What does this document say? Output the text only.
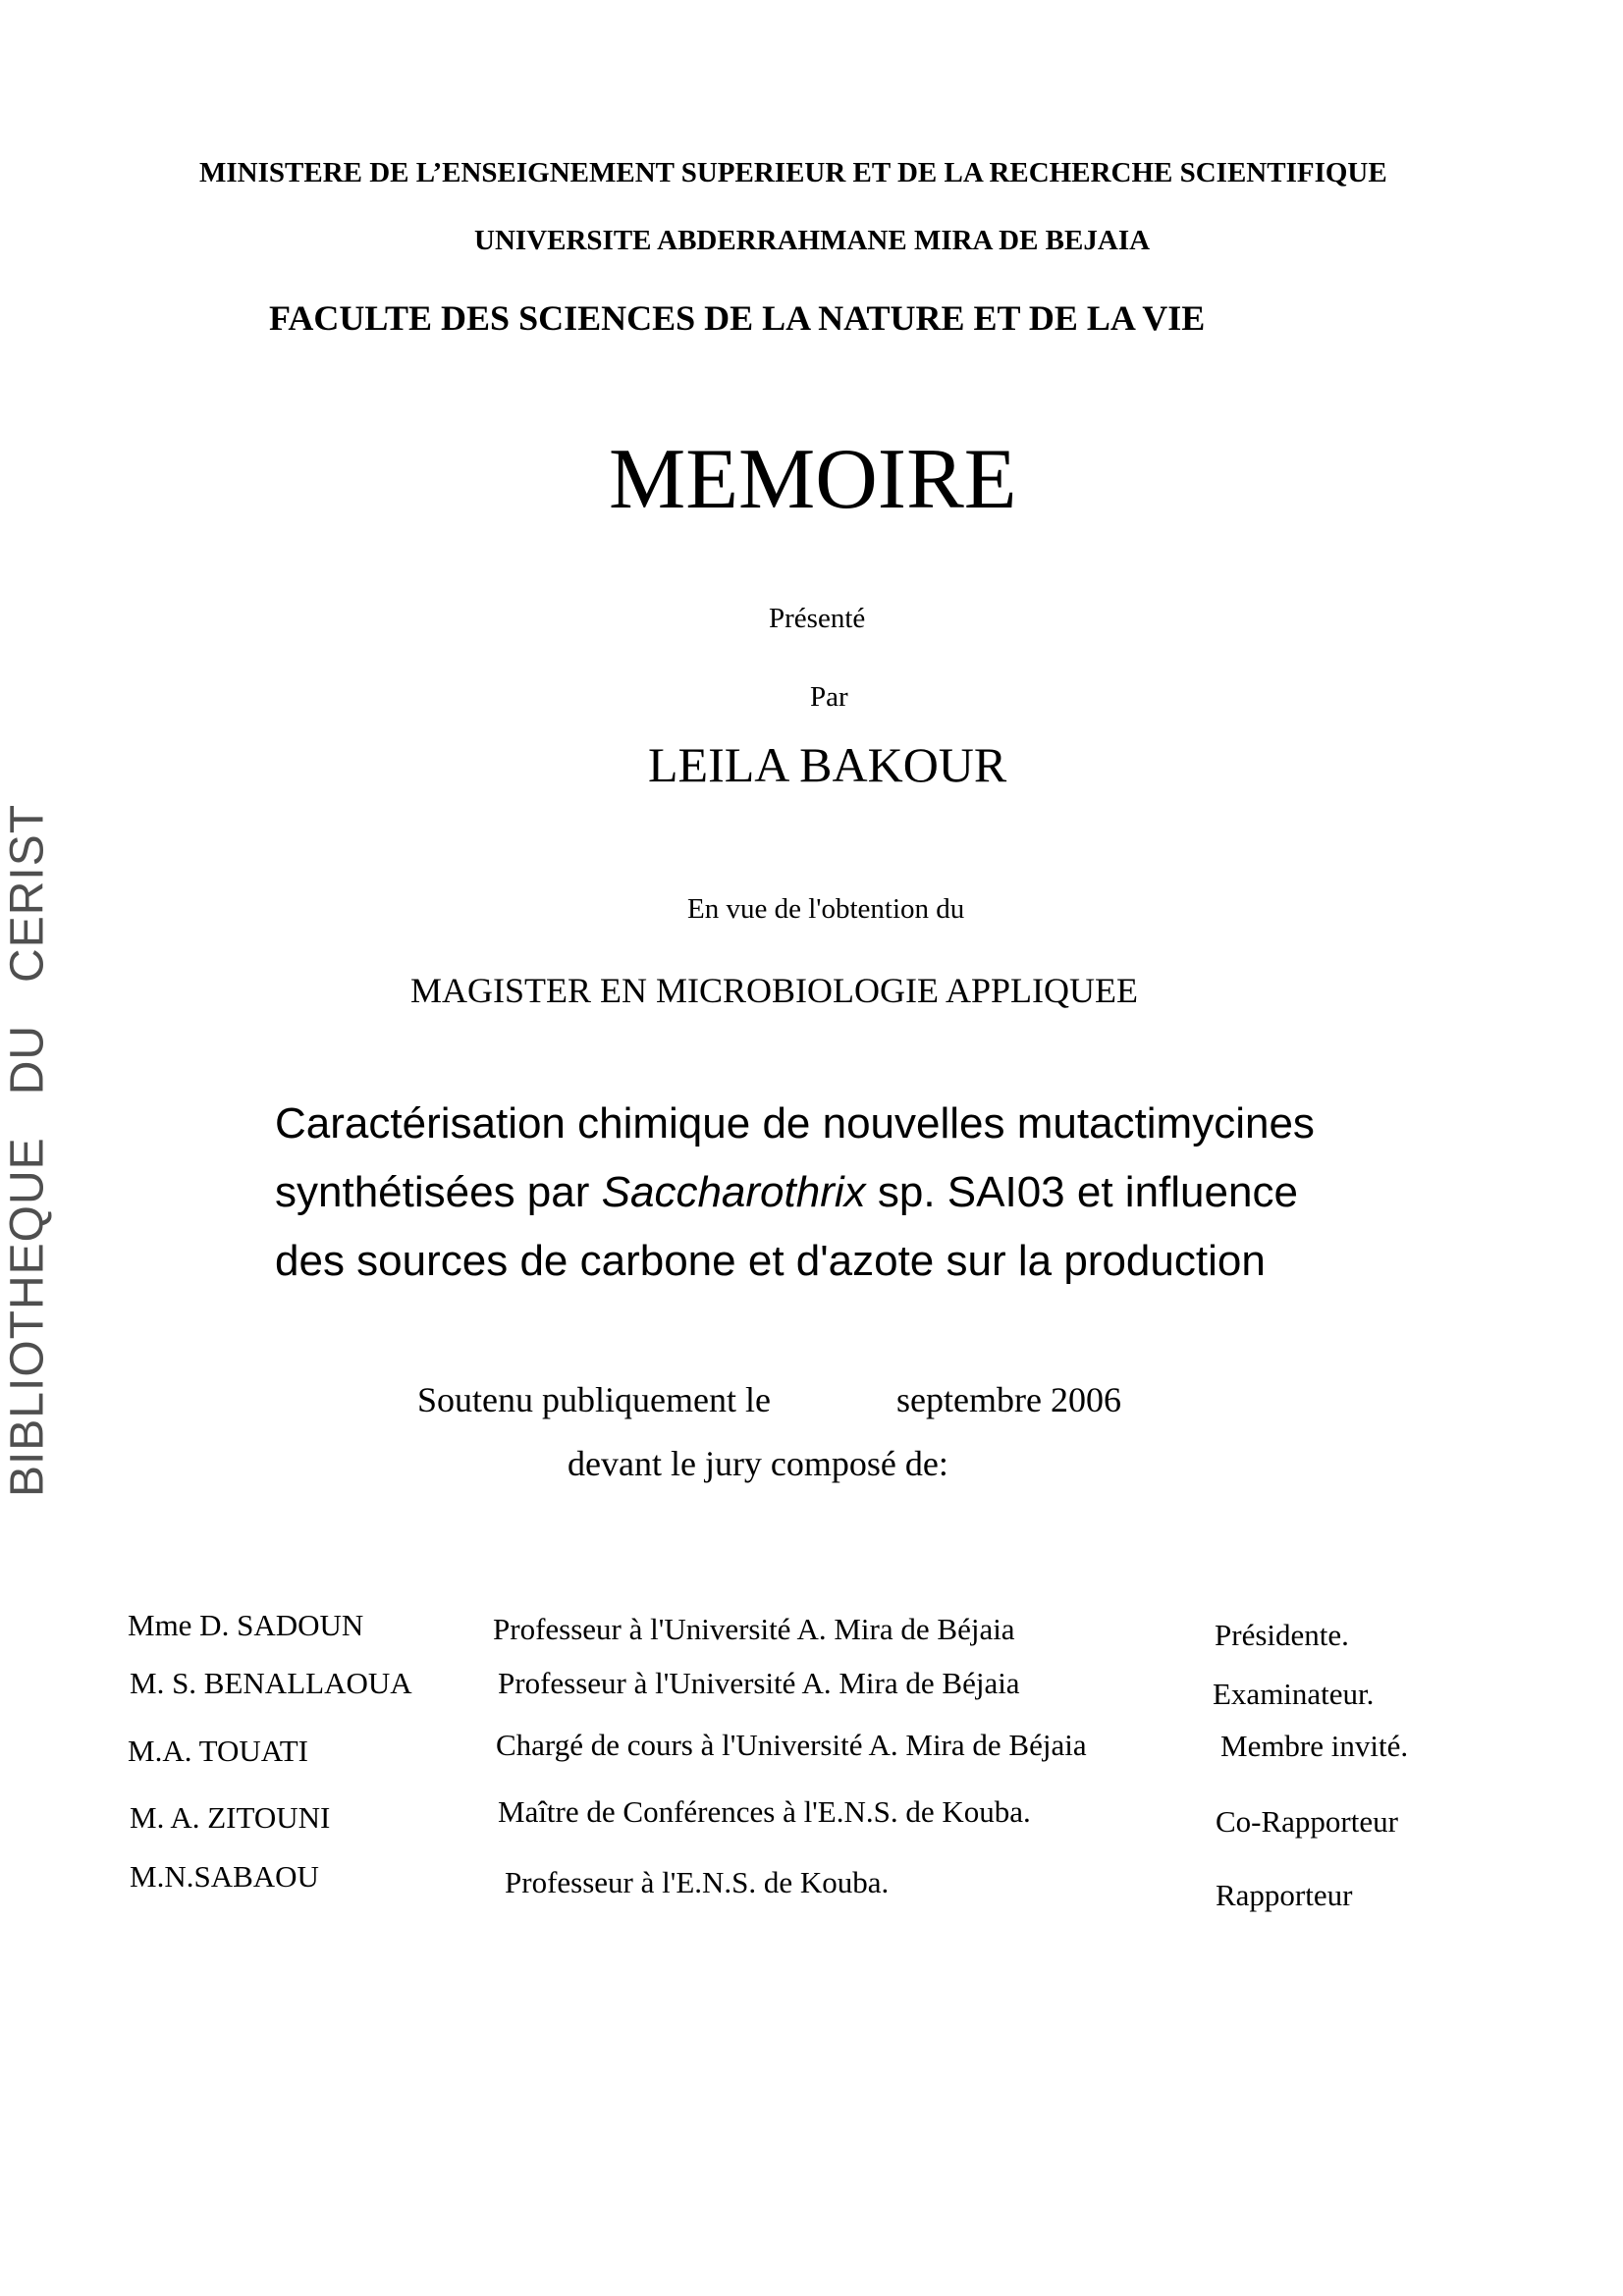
MINISTERE DE L’ENSEIGNEMENT SUPERIEUR ET DE LA RECHERCHE SCIENTIFIQUE
UNIVERSITE ABDERRAHMANE MIRA DE BEJAIA
FACULTE DES SCIENCES DE LA NATURE ET DE LA VIE
MEMOIRE
Présenté
Par
LEILA BAKOUR
En vue de l'obtention du
MAGISTER EN MICROBIOLOGIE APPLIQUEE
Caractérisation chimique de nouvelles mutactimycines
synthétisées par Saccharothrix sp. SAI03 et influence
des sources de carbone et d'azote sur la production
Soutenu publiquement le	septembre 2006
devant le jury composé de:
Mme D. SADOUN	Professeur à l'Université A. Mira de Béjaia	Présidente.
M. S. BENALLAOUA	Professeur à l'Université A. Mira de Béjaia	Examinateur.
M.A. TOUATI	Chargé de cours à l'Université A. Mira de Béjaia	Membre invité.
M. A. ZITOUNI	Maître de Conférences à l'E.N.S. de Kouba.	Co-Rapporteur
M.N.SABAOU	Professeur à l'E.N.S. de Kouba.	Rapporteur
BIBLIOTHEQUE   DU   CERIST
